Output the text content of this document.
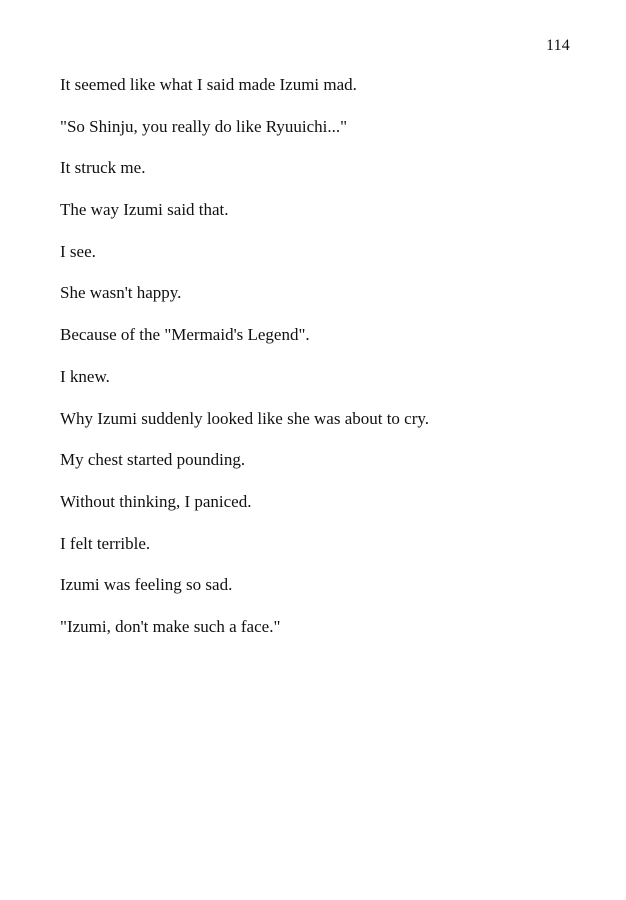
114

It seemed like what I said made Izumi mad.

"So Shinju, you really do like Ryuuichi..."

It struck me.

The way Izumi said that.

I see.

She wasn't happy.

Because of the "Mermaid's Legend".

I knew.

Why Izumi suddenly looked like she was about to cry.

My chest started pounding.

Without thinking, I paniced.

I felt terrible.

Izumi was feeling so sad.

"Izumi, don't make such a face."
